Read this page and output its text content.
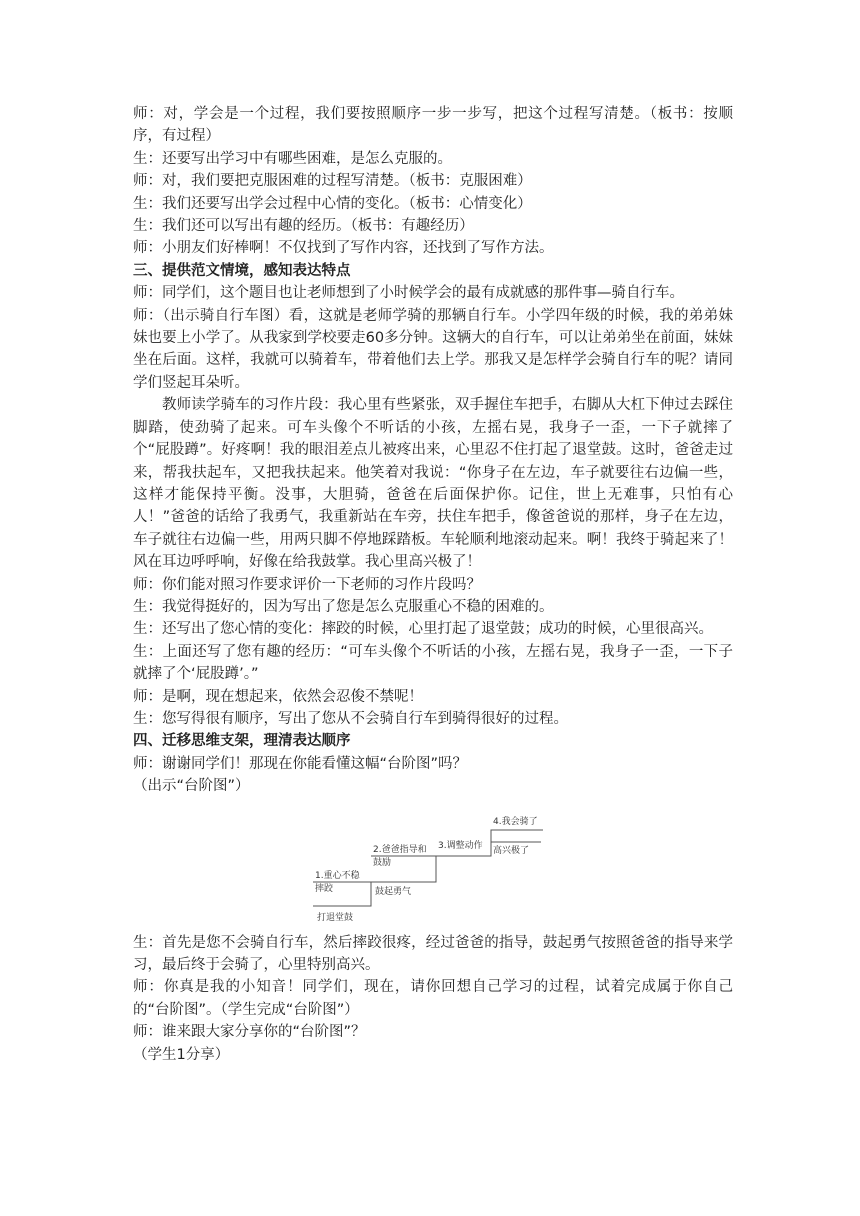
师：对，学会是一个过程，我们要按照顺序一步一步写，把这个过程写清楚。（板书：按顺序，有过程）

生：还要写出学习中有哪些困难，是怎么克服的。

师：对，我们要把克服困难的过程写清楚。（板书：克服困难）

生：我们还要写出学会过程中心情的变化。（板书：心情变化）

生：我们还可以写出有趣的经历。（板书：有趣经历）

师：小朋友们好棒啊！不仅找到了写作内容，还找到了写作方法。

三、提供范文情境，感知表达特点

师：同学们，这个题目也让老师想到了小时候学会的最有成就感的那件事—骑自行车。

师：（出示骑自行车图）看，这就是老师学骑的那辆自行车。小学四年级的时候，我的弟弟妹妹也要上小学了。从我家到学校要走60多分钟。这辆大的自行车，可以让弟弟坐在前面，妹妹坐在后面。这样，我就可以骑着车，带着他们去上学。那我又是怎样学会骑自行车的呢？请同学们竖起耳朵听。

教师读学骑车的习作片段：我心里有些紧张，双手握住车把手，右脚从大杠下伸过去踩住脚踏，使劲骑了起来。可车头像个不听话的小孩，左摇右晃，我身子一歪，一下子就摔了个“屁股蹲”。好疼啊！我的眼泪差点儿被疼出来，心里忍不住打起了退堂鼓。这时，爸爸走过来，帮我扶起车，又把我扶起来。他笑着对我说：“你身子在左边，车子就要往右边偏一些，这样才能保持平衡。没事，大胆骑，爸爸在后面保护你。记住，世上无难事，只怕有心人！”爸爸的话给了我勇气，我重新站在车旁，扶住车把手，像爸爸说的那样，身子在左边，车子就往右边偏一些，用两只脚不停地踩踏板。车轮顺利地滚动起来。啊！我终于骑起来了！风在耳边呼呼响，好像在给我鼓掌。我心里高兴极了！

师：你们能对照习作要求评价一下老师的习作片段吗？

生：我觉得挺好的，因为写出了您是怎么克服重心不稳的困难的。

生：还写出了您心情的变化：摔跤的时候，心里打起了退堂鼓；成功的时候，心里很高兴。

生：上面还写了您有趣的经历：“可车头像个不听话的小孩，左摇右晃，我身子一歪，一下子就摔了个‘屁股蹲’。”

师：是啊，现在想起来，依然会忍俊不禁呢！

生：您写得很有顺序，写出了您从不会骑自行车到骑得很好的过程。

四、迁移思维支架，理清表达顺序

师：谢谢同学们！那现在你能看懂这幅“台阶图”吗？

（出示“台阶图”）

1.重心不稳
摔跤
打退堂鼓
2.爸爸指导和
鼓励
鼓起勇气
3.调整动作
4.我会骑了
高兴极了

生：首先是您不会骑自行车，然后摔跤很疼，经过爸爸的指导，鼓起勇气按照爸爸的指导来学习，最后终于会骑了，心里特别高兴。

师：你真是我的小知音！同学们，现在，请你回想自己学习的过程，试着完成属于你自己的“台阶图”。（学生完成“台阶图”）

师：谁来跟大家分享你的“台阶图”？

（学生1分享）
